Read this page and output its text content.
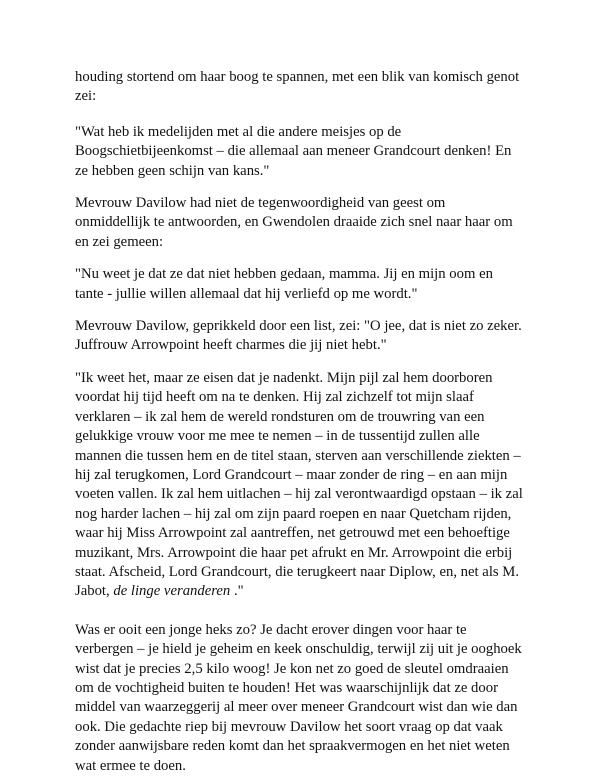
houding stortend om haar boog te spannen, met een blik van komisch genot
zei:
"Wat heb ik medelijden met al die andere meisjes op de
Boogschietbijeenkomst – die allemaal aan meneer Grandcourt denken! En
ze hebben geen schijn van kans."
Mevrouw Davilow had niet de tegenwoordigheid van geest om
onmiddellijk te antwoorden, en Gwendolen draaide zich snel naar haar om
en zei gemeen:
"Nu weet je dat ze dat niet hebben gedaan, mamma. Jij en mijn oom en
tante - jullie willen allemaal dat hij verliefd op me wordt."
Mevrouw Davilow, geprikkeld door een list, zei: "O jee, dat is niet zo zeker.
Juffrouw Arrowpoint heeft charmes die jij niet hebt."
"Ik weet het, maar ze eisen dat je nadenkt. Mijn pijl zal hem doorboren
voordat hij tijd heeft om na te denken. Hij zal zichzelf tot mijn slaaf
verklaren – ik zal hem de wereld rondsturen om de trouwring van een
gelukkige vrouw voor me mee te nemen – in de tussentijd zullen alle
mannen die tussen hem en de titel staan, sterven aan verschillende ziekten –
hij zal terugkomen, Lord Grandcourt – maar zonder de ring – en aan mijn
voeten vallen. Ik zal hem uitlachen – hij zal verontwaardigd opstaan – ik zal
nog harder lachen – hij zal om zijn paard roepen en naar Quetcham rijden,
waar hij Miss Arrowpoint zal aantreffen, net getrouwd met een behoeftige
muzikant, Mrs. Arrowpoint die haar pet afrukt en Mr. Arrowpoint die erbij
staat. Afscheid, Lord Grandcourt, die terugkeert naar Diplow, en, net als M.
Jabot, de linge veranderen ."
Was er ooit een jonge heks zo? Je dacht erover dingen voor haar te
verbergen – je hield je geheim en keek onschuldig, terwijl zij uit je ooghoek
wist dat je precies 2,5 kilo woog! Je kon net zo goed de sleutel omdraaien
om de vochtigheid buiten te houden! Het was waarschijnlijk dat ze door
middel van waarzeggerij al meer over meneer Grandcourt wist dan wie dan
ook. Die gedachte riep bij mevrouw Davilow het soort vraag op dat vaak
zonder aanwijsbare reden komt dan het spraakvermogen en het niet weten
wat ermee te doen.
